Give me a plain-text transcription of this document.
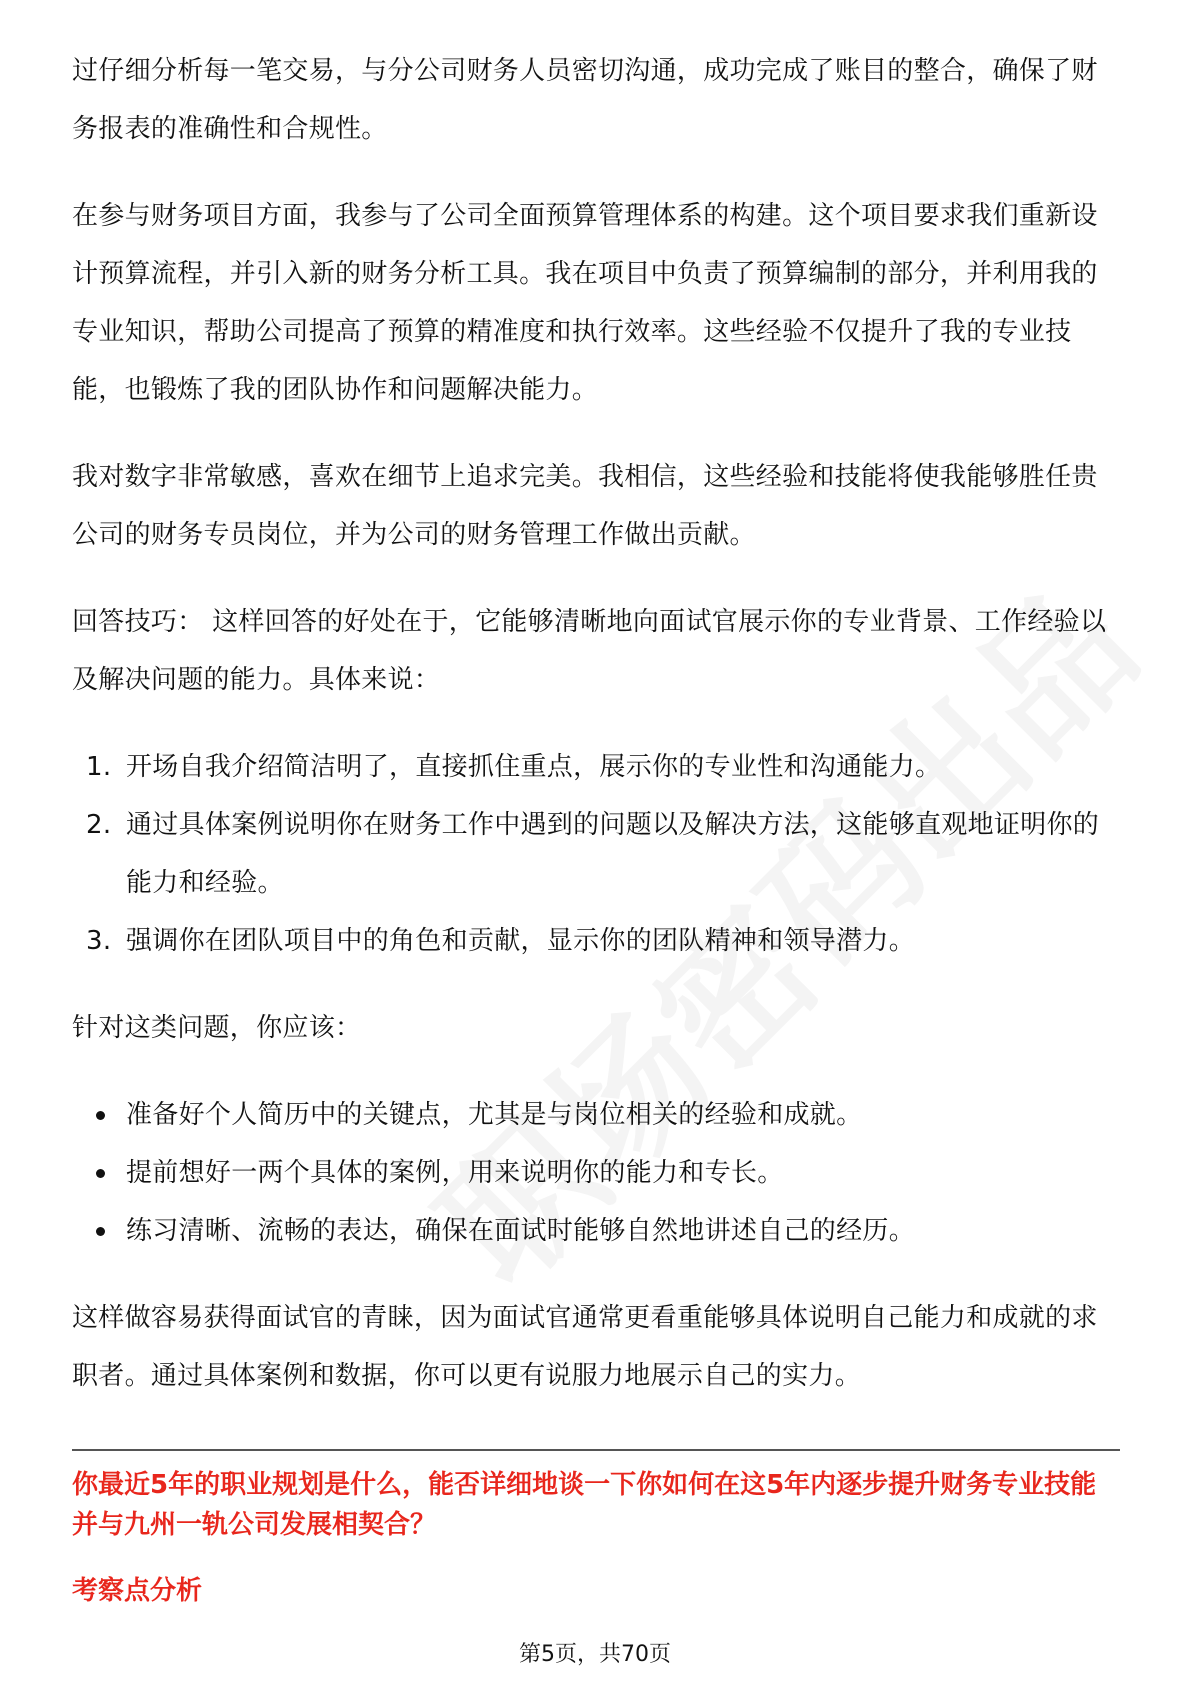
过仔细分析每一笔交易，与分公司财务人员密切沟通，成功完成了账目的整合，确保了财务报表的准确性和合规性。

在参与财务项目方面，我参与了公司全面预算管理体系的构建。这个项目要求我们重新设计预算流程，并引入新的财务分析工具。我在项目中负责了预算编制的部分，并利用我的专业知识，帮助公司提高了预算的精准度和执行效率。这些经验不仅提升了我的专业技能，也锻炼了我的团队协作和问题解决能力。

我对数字非常敏感，喜欢在细节上追求完美。我相信，这些经验和技能将使我能够胜任贵公司的财务专员岗位，并为公司的财务管理工作做出贡献。

回答技巧： 这样回答的好处在于，它能够清晰地向面试官展示你的专业背景、工作经验以及解决问题的能力。具体来说：

1. 开场自我介绍简洁明了，直接抓住重点，展示你的专业性和沟通能力。
2. 通过具体案例说明你在财务工作中遇到的问题以及解决方法，这能够直观地证明你的能力和经验。
3. 强调你在团队项目中的角色和贡献，显示你的团队精神和领导潜力。

针对这类问题，你应该：

准备好个人简历中的关键点，尤其是与岗位相关的经验和成就。
提前想好一两个具体的案例，用来说明你的能力和专长。
练习清晰、流畅的表达，确保在面试时能够自然地讲述自己的经历。

这样做容易获得面试官的青睐，因为面试官通常更看重能够具体说明自己能力和成就的求职者。通过具体案例和数据，你可以更有说服力地展示自己的实力。

你最近5年的职业规划是什么，能否详细地谈一下你如何在这5年内逐步提升财务专业技能并与九州一轨公司发展相契合？
考察点分析
第5页，共70页
